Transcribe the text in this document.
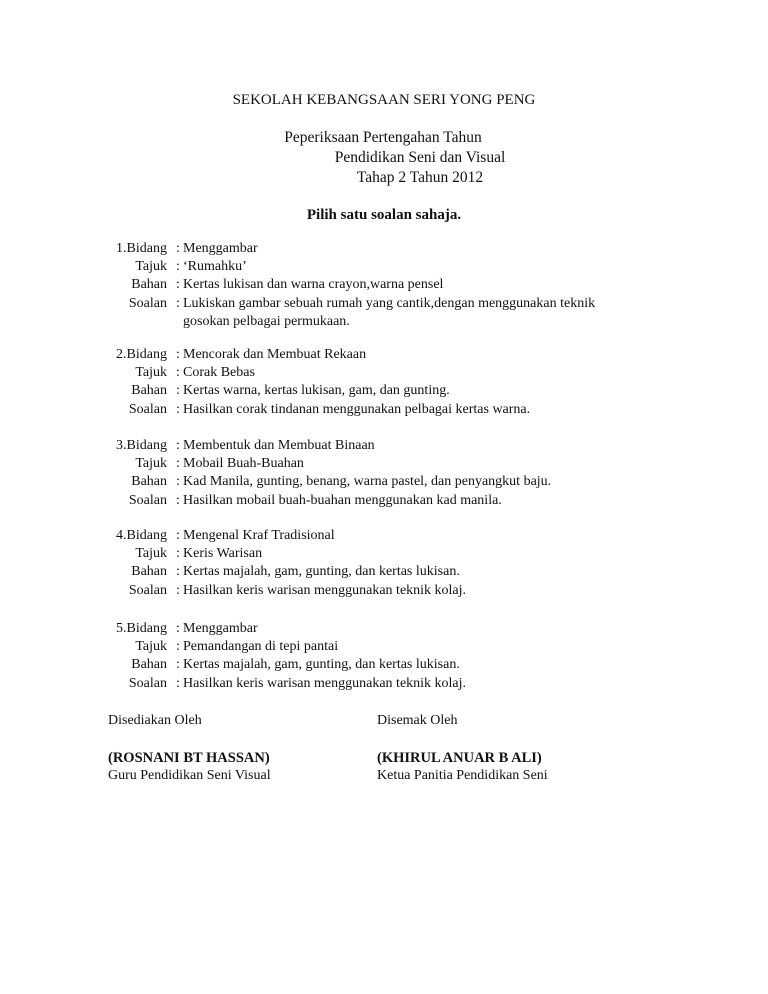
SEKOLAH KEBANGSAAN SERI YONG PENG
Peperiksaan Pertengahan Tahun
Pendidikan Seni dan Visual
Tahap 2 Tahun 2012
Pilih satu soalan sahaja.
1.Bidang : Menggambar
Tajuk : ‘Rumahku’
Bahan : Kertas lukisan dan warna crayon,warna pensel
Soalan : Lukiskan gambar sebuah rumah yang cantik,dengan menggunakan teknik
gosokan pelbagai permukaan.
2.Bidang : Mencorak dan Membuat Rekaan
Tajuk : Corak Bebas
Bahan : Kertas warna, kertas lukisan, gam, dan gunting.
Soalan : Hasilkan corak tindanan menggunakan pelbagai kertas warna.
3.Bidang : Membentuk dan Membuat Binaan
Tajuk : Mobail Buah-Buahan
Bahan : Kad Manila, gunting, benang, warna pastel, dan penyangkut baju.
Soalan : Hasilkan mobail buah-buahan menggunakan kad manila.
4.Bidang : Mengenal Kraf Tradisional
Tajuk : Keris Warisan
Bahan : Kertas majalah, gam, gunting, dan kertas lukisan.
Soalan : Hasilkan keris warisan menggunakan teknik kolaj.
5.Bidang : Menggambar
Tajuk : Pemandangan di tepi pantai
Bahan : Kertas majalah, gam, gunting, dan kertas lukisan.
Soalan : Hasilkan keris warisan menggunakan teknik kolaj.
Disediakan Oleh
(ROSNANI BT HASSAN)
Guru Pendidikan Seni Visual
Disemak Oleh
(KHIRUL ANUAR B ALI)
Ketua Panitia Pendidikan Seni
